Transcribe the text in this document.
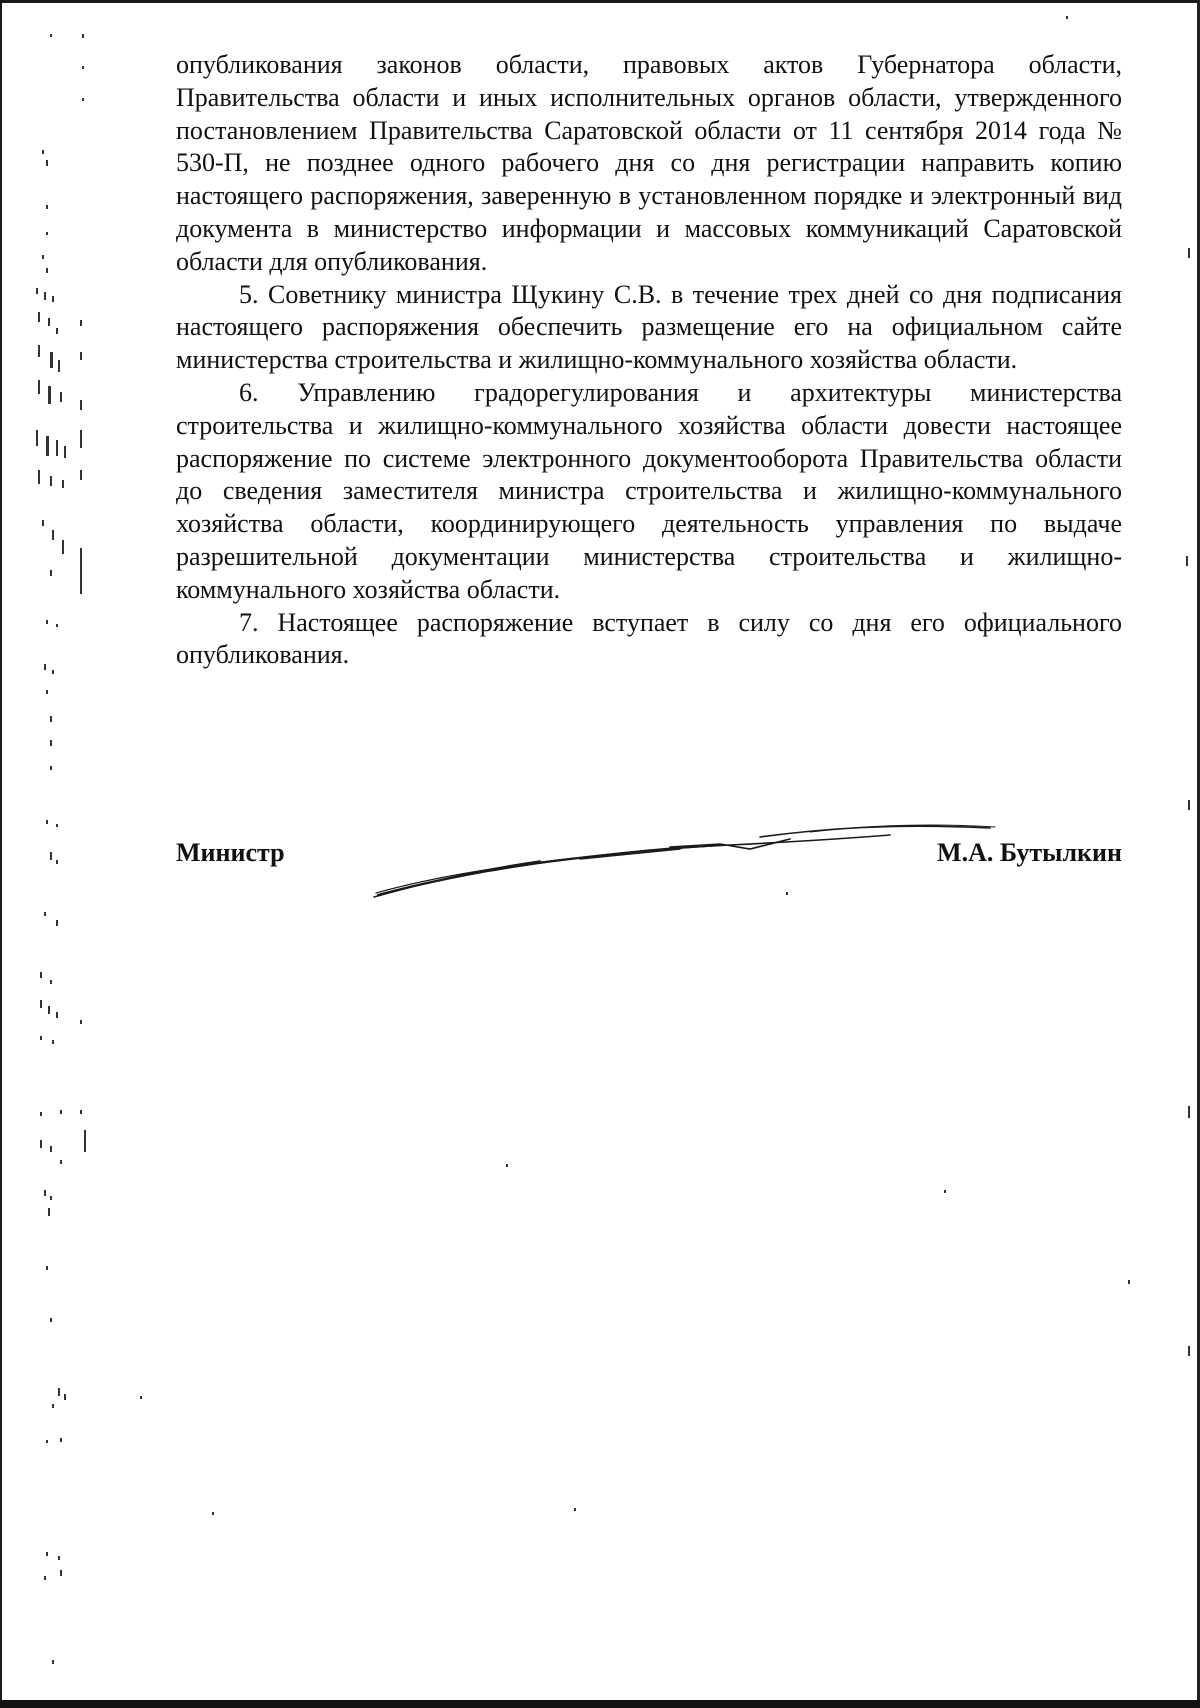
опубликования законов области, правовых актов Губернатора области, Правительства области и иных исполнительных органов области, утвержденного постановлением Правительства Саратовской области от 11 сентября 2014 года № 530-П, не позднее одного рабочего дня со дня регистрации направить копию настоящего распоряжения, заверенную в установленном порядке и электронный вид документа в министерство информации и массовых коммуникаций Саратовской области для опубликования.

5. Советнику министра Щукину С.В. в течение трех дней со дня подписания настоящего распоряжения обеспечить размещение его на официальном сайте министерства строительства и жилищно-коммунального хозяйства области.

6. Управлению градорегулирования и архитектуры министерства строительства и жилищно-коммунального хозяйства области довести настоящее распоряжение по системе электронного документооборота Правительства области до сведения заместителя министра строительства и жилищно-коммунального хозяйства области, координирующего деятельность управления по выдаче разрешительной документации министерства строительства и жилищно-коммунального хозяйства области.

7. Настоящее распоряжение вступает в силу со дня его официального опубликования.

Министр	М.А. Бутылкин
